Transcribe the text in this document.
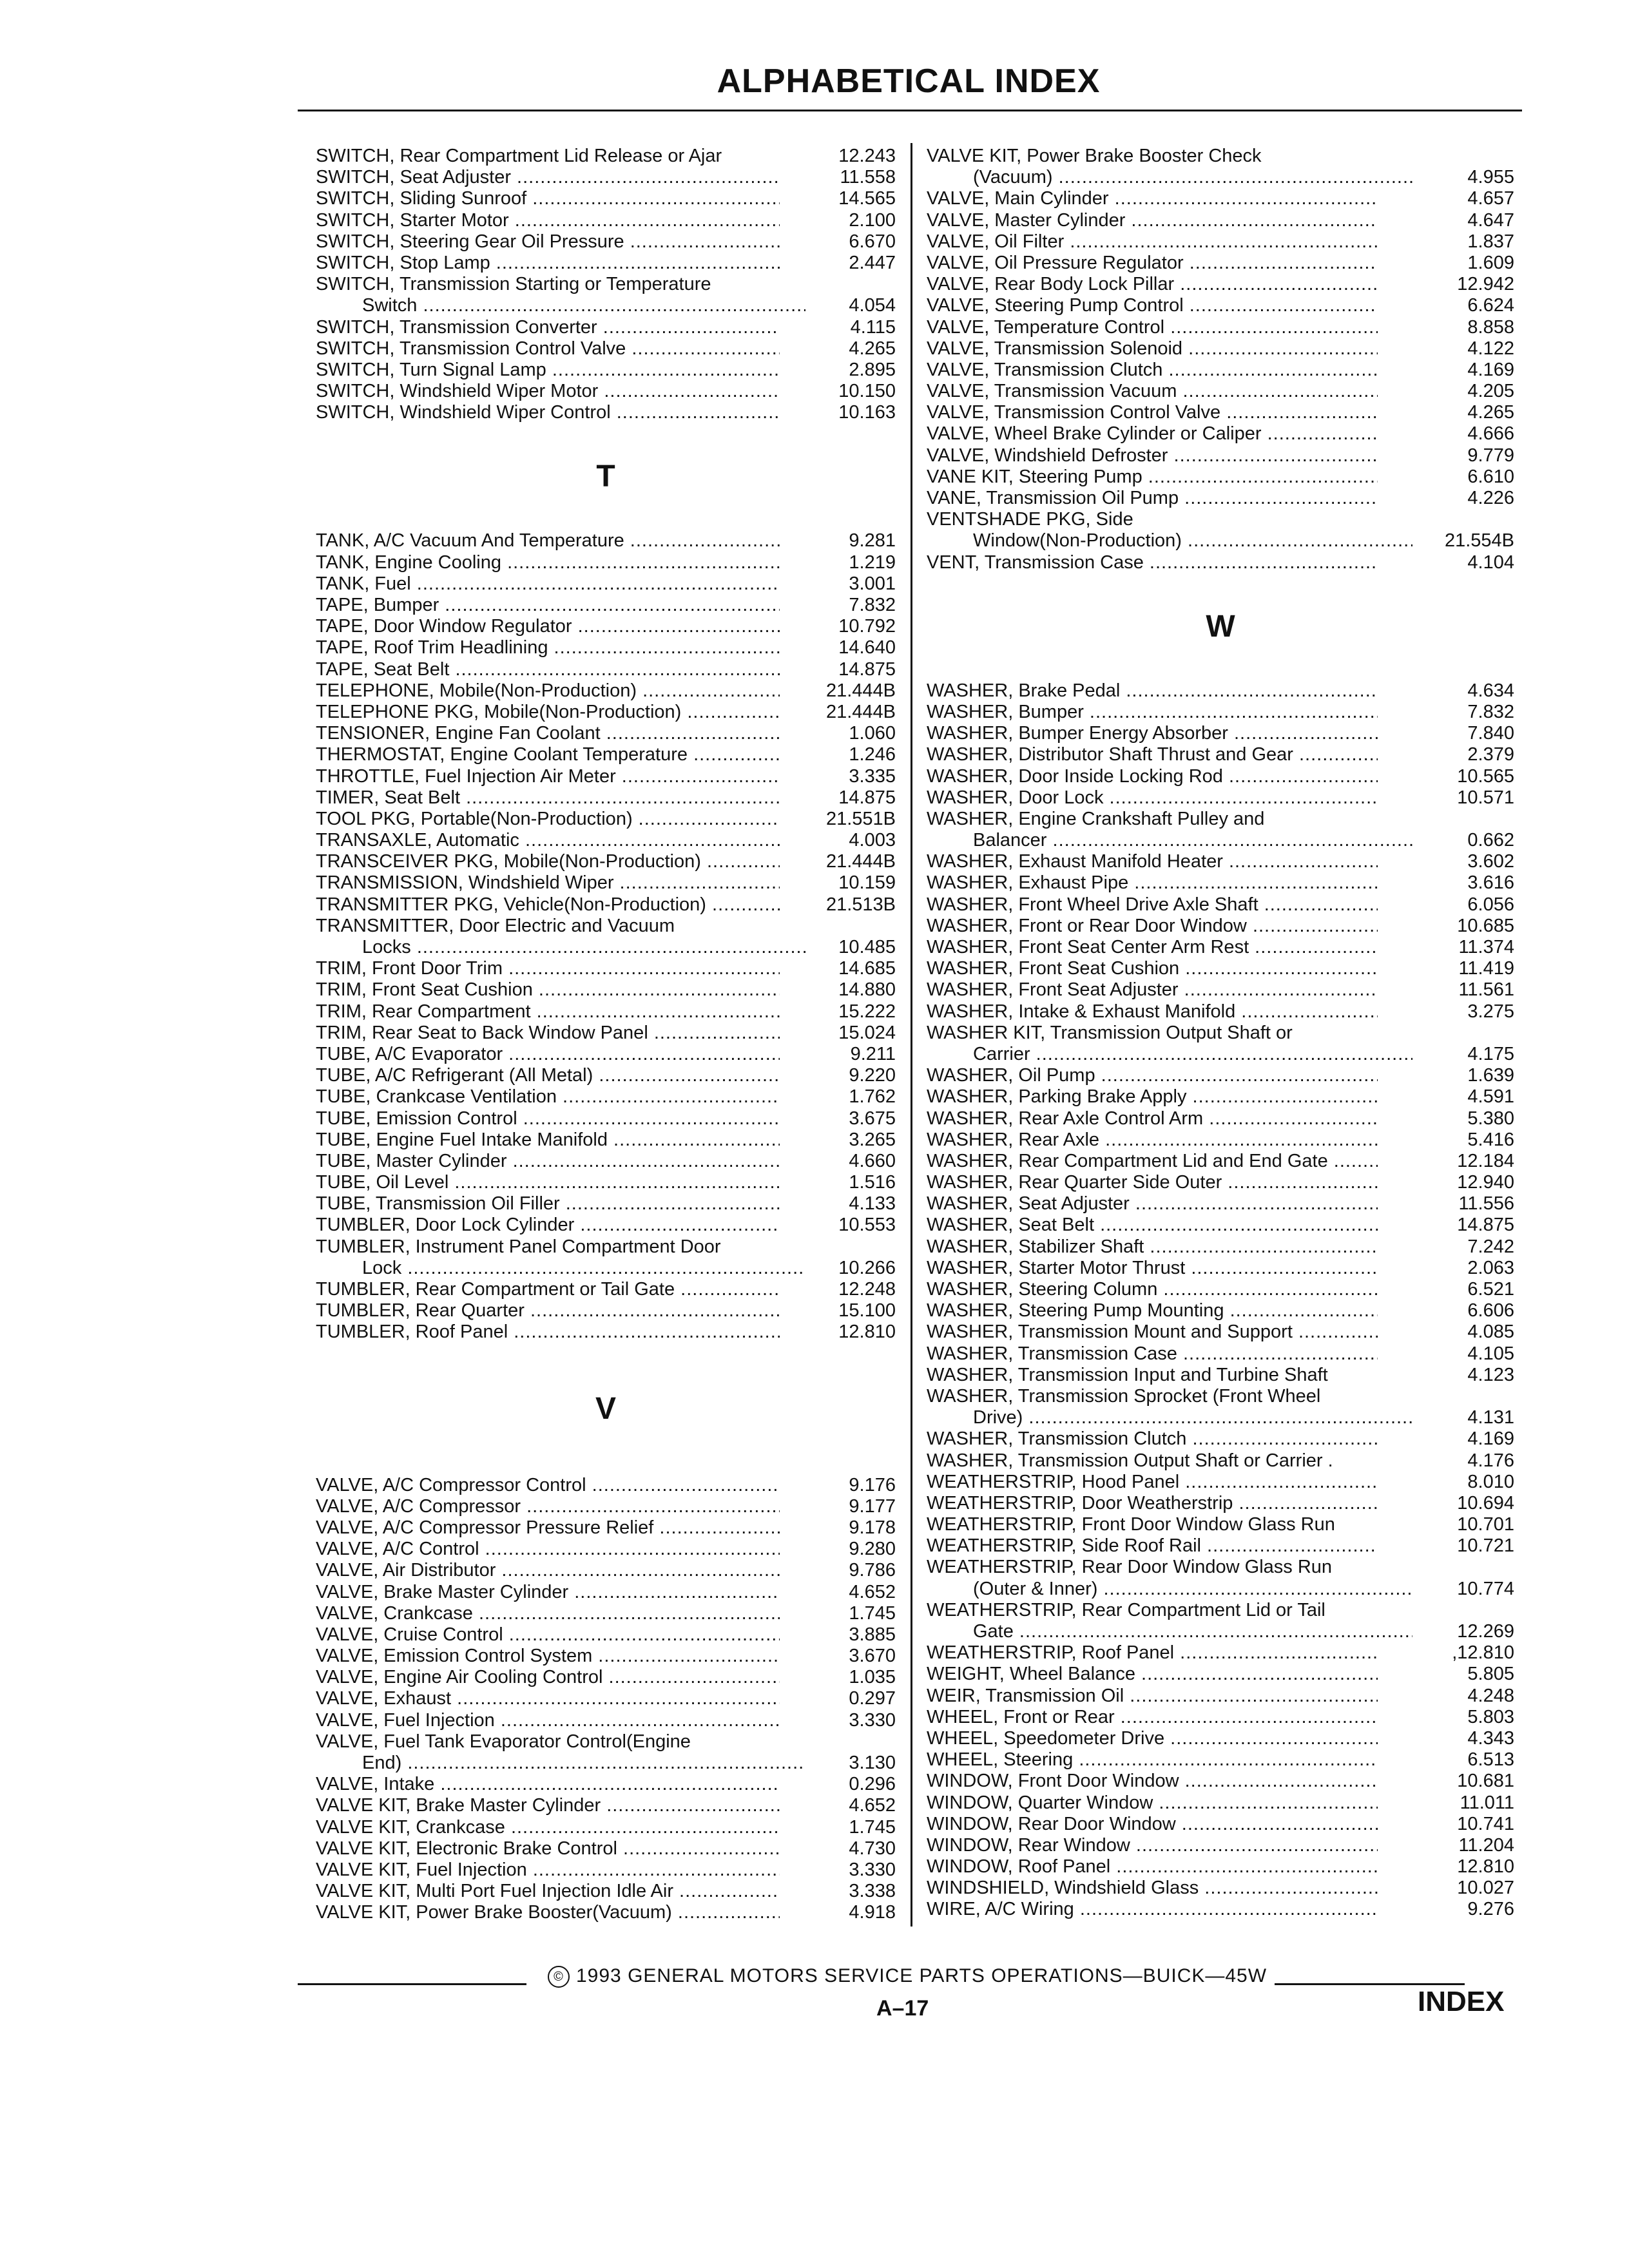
ALPHABETICAL INDEX
SWITCH, Rear Compartment Lid Release or Ajar	12.243
SWITCH, Seat Adjuster .....	11.558
SWITCH, Sliding Sunroof .....	14.565
SWITCH, Starter Motor .....	2.100
SWITCH, Steering Gear Oil Pressure .....	6.670
SWITCH, Stop Lamp .....	2.447
SWITCH, Transmission Starting or Temperature
Switch .....	4.054
SWITCH, Transmission Converter .....	4.115
SWITCH, Transmission Control Valve .....	4.265
SWITCH, Turn Signal Lamp .....	2.895
SWITCH, Windshield Wiper Motor .....	10.150
SWITCH, Windshield Wiper Control .....	10.163
T
TANK, A/C Vacuum And Temperature .....	9.281
TANK, Engine Cooling .....	1.219
TANK, Fuel .....	3.001
TAPE, Bumper .....	7.832
TAPE, Door Window Regulator .....	10.792
TAPE, Roof Trim Headlining .....	14.640
TAPE, Seat Belt .....	14.875
TELEPHONE, Mobile(Non-Production) .....	21.444B
TELEPHONE PKG, Mobile(Non-Production) .....	21.444B
TENSIONER, Engine Fan Coolant .....	1.060
THERMOSTAT, Engine Coolant Temperature .....	1.246
THROTTLE, Fuel Injection Air Meter .....	3.335
TIMER, Seat Belt .....	14.875
TOOL PKG, Portable(Non-Production) .....	21.551B
TRANSAXLE, Automatic .....	4.003
TRANSCEIVER PKG, Mobile(Non-Production) .....	21.444B
TRANSMISSION, Windshield Wiper .....	10.159
TRANSMITTER PKG, Vehicle(Non-Production) .....	21.513B
TRANSMITTER, Door Electric and Vacuum
Locks .....	10.485
TRIM, Front Door Trim .....	14.685
TRIM, Front Seat Cushion .....	14.880
TRIM, Rear Compartment .....	15.222
TRIM, Rear Seat to Back Window Panel .....	15.024
TUBE, A/C Evaporator .....	9.211
TUBE, A/C Refrigerant (All Metal) .....	9.220
TUBE, Crankcase Ventilation .....	1.762
TUBE, Emission Control .....	3.675
TUBE, Engine Fuel Intake Manifold .....	3.265
TUBE, Master Cylinder .....	4.660
TUBE, Oil Level .....	1.516
TUBE, Transmission Oil Filler .....	4.133
TUMBLER, Door Lock Cylinder .....	10.553
TUMBLER, Instrument Panel Compartment Door
Lock .....	10.266
TUMBLER, Rear Compartment or Tail Gate .....	12.248
TUMBLER, Rear Quarter .....	15.100
TUMBLER, Roof Panel .....	12.810
V
VALVE, A/C Compressor Control .....	9.176
VALVE, A/C Compressor .....	9.177
VALVE, A/C Compressor Pressure Relief .....	9.178
VALVE, A/C Control .....	9.280
VALVE, Air Distributor .....	9.786
VALVE, Brake Master Cylinder .....	4.652
VALVE, Crankcase .....	1.745
VALVE, Cruise Control .....	3.885
VALVE, Emission Control System .....	3.670
VALVE, Engine Air Cooling Control .....	1.035
VALVE, Exhaust .....	0.297
VALVE, Fuel Injection .....	3.330
VALVE, Fuel Tank Evaporator Control(Engine
End) .....	3.130
VALVE, Intake .....	0.296
VALVE KIT, Brake Master Cylinder .....	4.652
VALVE KIT, Crankcase .....	1.745
VALVE KIT, Electronic Brake Control .....	4.730
VALVE KIT, Fuel Injection .....	3.330
VALVE KIT, Multi Port Fuel Injection Idle Air .....	3.338
VALVE KIT, Power Brake Booster(Vacuum) .....	4.918
VALVE KIT, Power Brake Booster Check
(Vacuum) .....	4.955
VALVE, Main Cylinder .....	4.657
VALVE, Master Cylinder .....	4.647
VALVE, Oil Filter .....	1.837
VALVE, Oil Pressure Regulator .....	1.609
VALVE, Rear Body Lock Pillar .....	12.942
VALVE, Steering Pump Control .....	6.624
VALVE, Temperature Control .....	8.858
VALVE, Transmission Solenoid .....	4.122
VALVE, Transmission Clutch .....	4.169
VALVE, Transmission Vacuum .....	4.205
VALVE, Transmission Control Valve .....	4.265
VALVE, Wheel Brake Cylinder or Caliper .....	4.666
VALVE, Windshield Defroster .....	9.779
VANE KIT, Steering Pump .....	6.610
VANE, Transmission Oil Pump .....	4.226
VENTSHADE PKG, Side
Window(Non-Production) .....	21.554B
VENT, Transmission Case .....	4.104
W
WASHER, Brake Pedal .....	4.634
WASHER, Bumper .....	7.832
WASHER, Bumper Energy Absorber .....	7.840
WASHER, Distributor Shaft Thrust and Gear .....	2.379
WASHER, Door Inside Locking Rod .....	10.565
WASHER, Door Lock .....	10.571
WASHER, Engine Crankshaft Pulley and
Balancer .....	0.662
WASHER, Exhaust Manifold Heater .....	3.602
WASHER, Exhaust Pipe .....	3.616
WASHER, Front Wheel Drive Axle Shaft .....	6.056
WASHER, Front or Rear Door Window .....	10.685
WASHER, Front Seat Center Arm Rest .....	11.374
WASHER, Front Seat Cushion .....	11.419
WASHER, Front Seat Adjuster .....	11.561
WASHER, Intake & Exhaust Manifold .....	3.275
WASHER KIT, Transmission Output Shaft or
Carrier .....	4.175
WASHER, Oil Pump .....	1.639
WASHER, Parking Brake Apply .....	4.591
WASHER, Rear Axle Control Arm .....	5.380
WASHER, Rear Axle .....	5.416
WASHER, Rear Compartment Lid and End Gate .....	12.184
WASHER, Rear Quarter Side Outer .....	12.940
WASHER, Seat Adjuster .....	11.556
WASHER, Seat Belt .....	14.875
WASHER, Stabilizer Shaft .....	7.242
WASHER, Starter Motor Thrust .....	2.063
WASHER, Steering Column .....	6.521
WASHER, Steering Pump Mounting .....	6.606
WASHER, Transmission Mount and Support .....	4.085
WASHER, Transmission Case .....	4.105
WASHER, Transmission Input and Turbine Shaft	4.123
WASHER, Transmission Sprocket (Front Wheel
Drive) .....	4.131
WASHER, Transmission Clutch .....	4.169
WASHER, Transmission Output Shaft or Carrier .	4.176
WEATHERSTRIP, Hood Panel .....	8.010
WEATHERSTRIP, Door Weatherstrip .....	10.694
WEATHERSTRIP, Front Door Window Glass Run	10.701
WEATHERSTRIP, Side Roof Rail .....	10.721
WEATHERSTRIP, Rear Door Window Glass Run
(Outer & Inner) .....	10.774
WEATHERSTRIP, Rear Compartment Lid or Tail
Gate .....	12.269
WEATHERSTRIP, Roof Panel .....	,12.810
WEIGHT, Wheel Balance .....	5.805
WEIR, Transmission Oil .....	4.248
WHEEL, Front or Rear .....	5.803
WHEEL, Speedometer Drive .....	4.343
WHEEL, Steering .....	6.513
WINDOW, Front Door Window .....	10.681
WINDOW, Quarter Window .....	11.011
WINDOW, Rear Door Window .....	10.741
WINDOW, Rear Window .....	11.204
WINDOW, Roof Panel .....	12.810
WINDSHIELD, Windshield Glass .....	10.027
WIRE, A/C Wiring .....	9.276
© 1993 GENERAL MOTORS SERVICE PARTS OPERATIONS—BUICK—45W
A–17	INDEX
